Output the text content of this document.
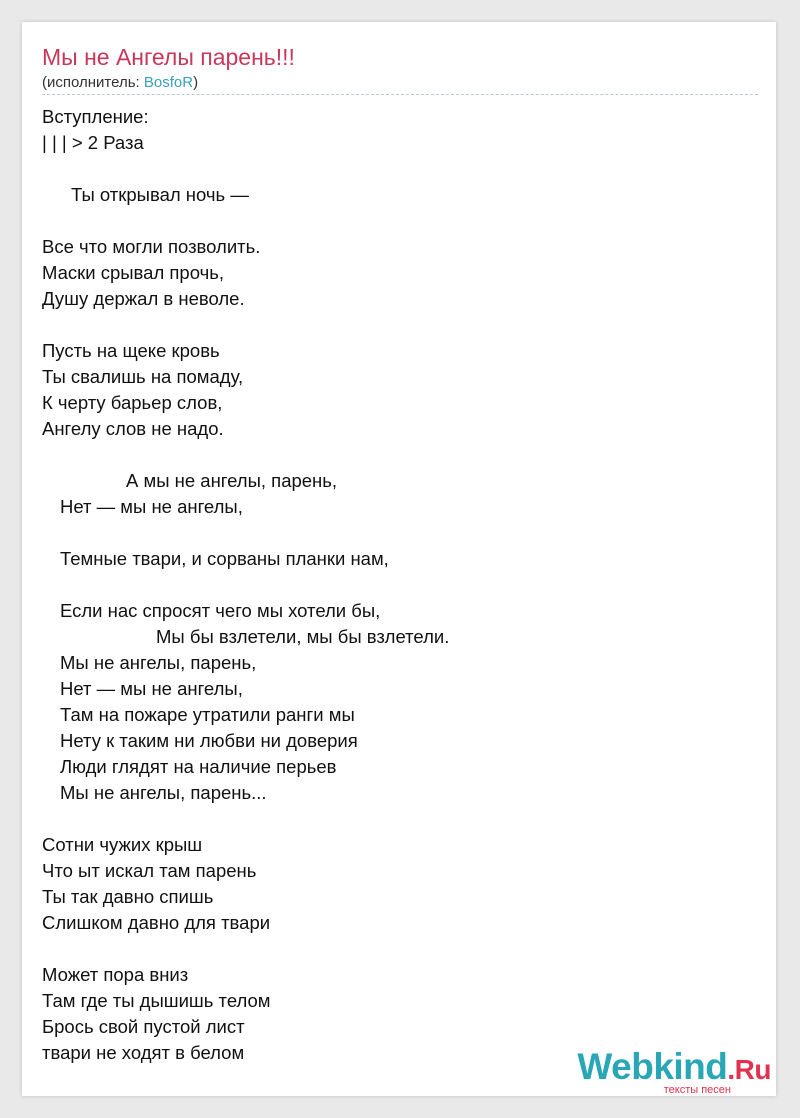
Мы не Ангелы парень!!!
(исполнитель: BosfoR)
Вступление:
| | | > 2 Раза
Ты открывал ночь —
Все что могли позволить.
Маски срывал прочь,
Душу держал в неволе.
Пусть на щеке кровь
Ты свалишь на помаду,
К черту барьер слов,
Ангелу слов не надо.
А мы не ангелы, парень,
Нет — мы не ангелы,
Темные твари, и сорваны планки нам,
Если нас спросят чего мы хотели бы,
Мы бы взлетели, мы бы взлетели.
Мы не ангелы, парень,
Нет — мы не ангелы,
Там на пожаре утратили ранги мы
Нету к таким ни любви ни доверия
Люди глядят на наличие перьев
Мы не ангелы, парень...
Сотни чужих крыш
Что ыт искал там парень
Ты так давно спишь
Слишком давно для твари
Может пора вниз
Там где ты дышишь телом
Брось свой пустой лист
твари не ходят в белом	Webkind.Ru
тексты песен
